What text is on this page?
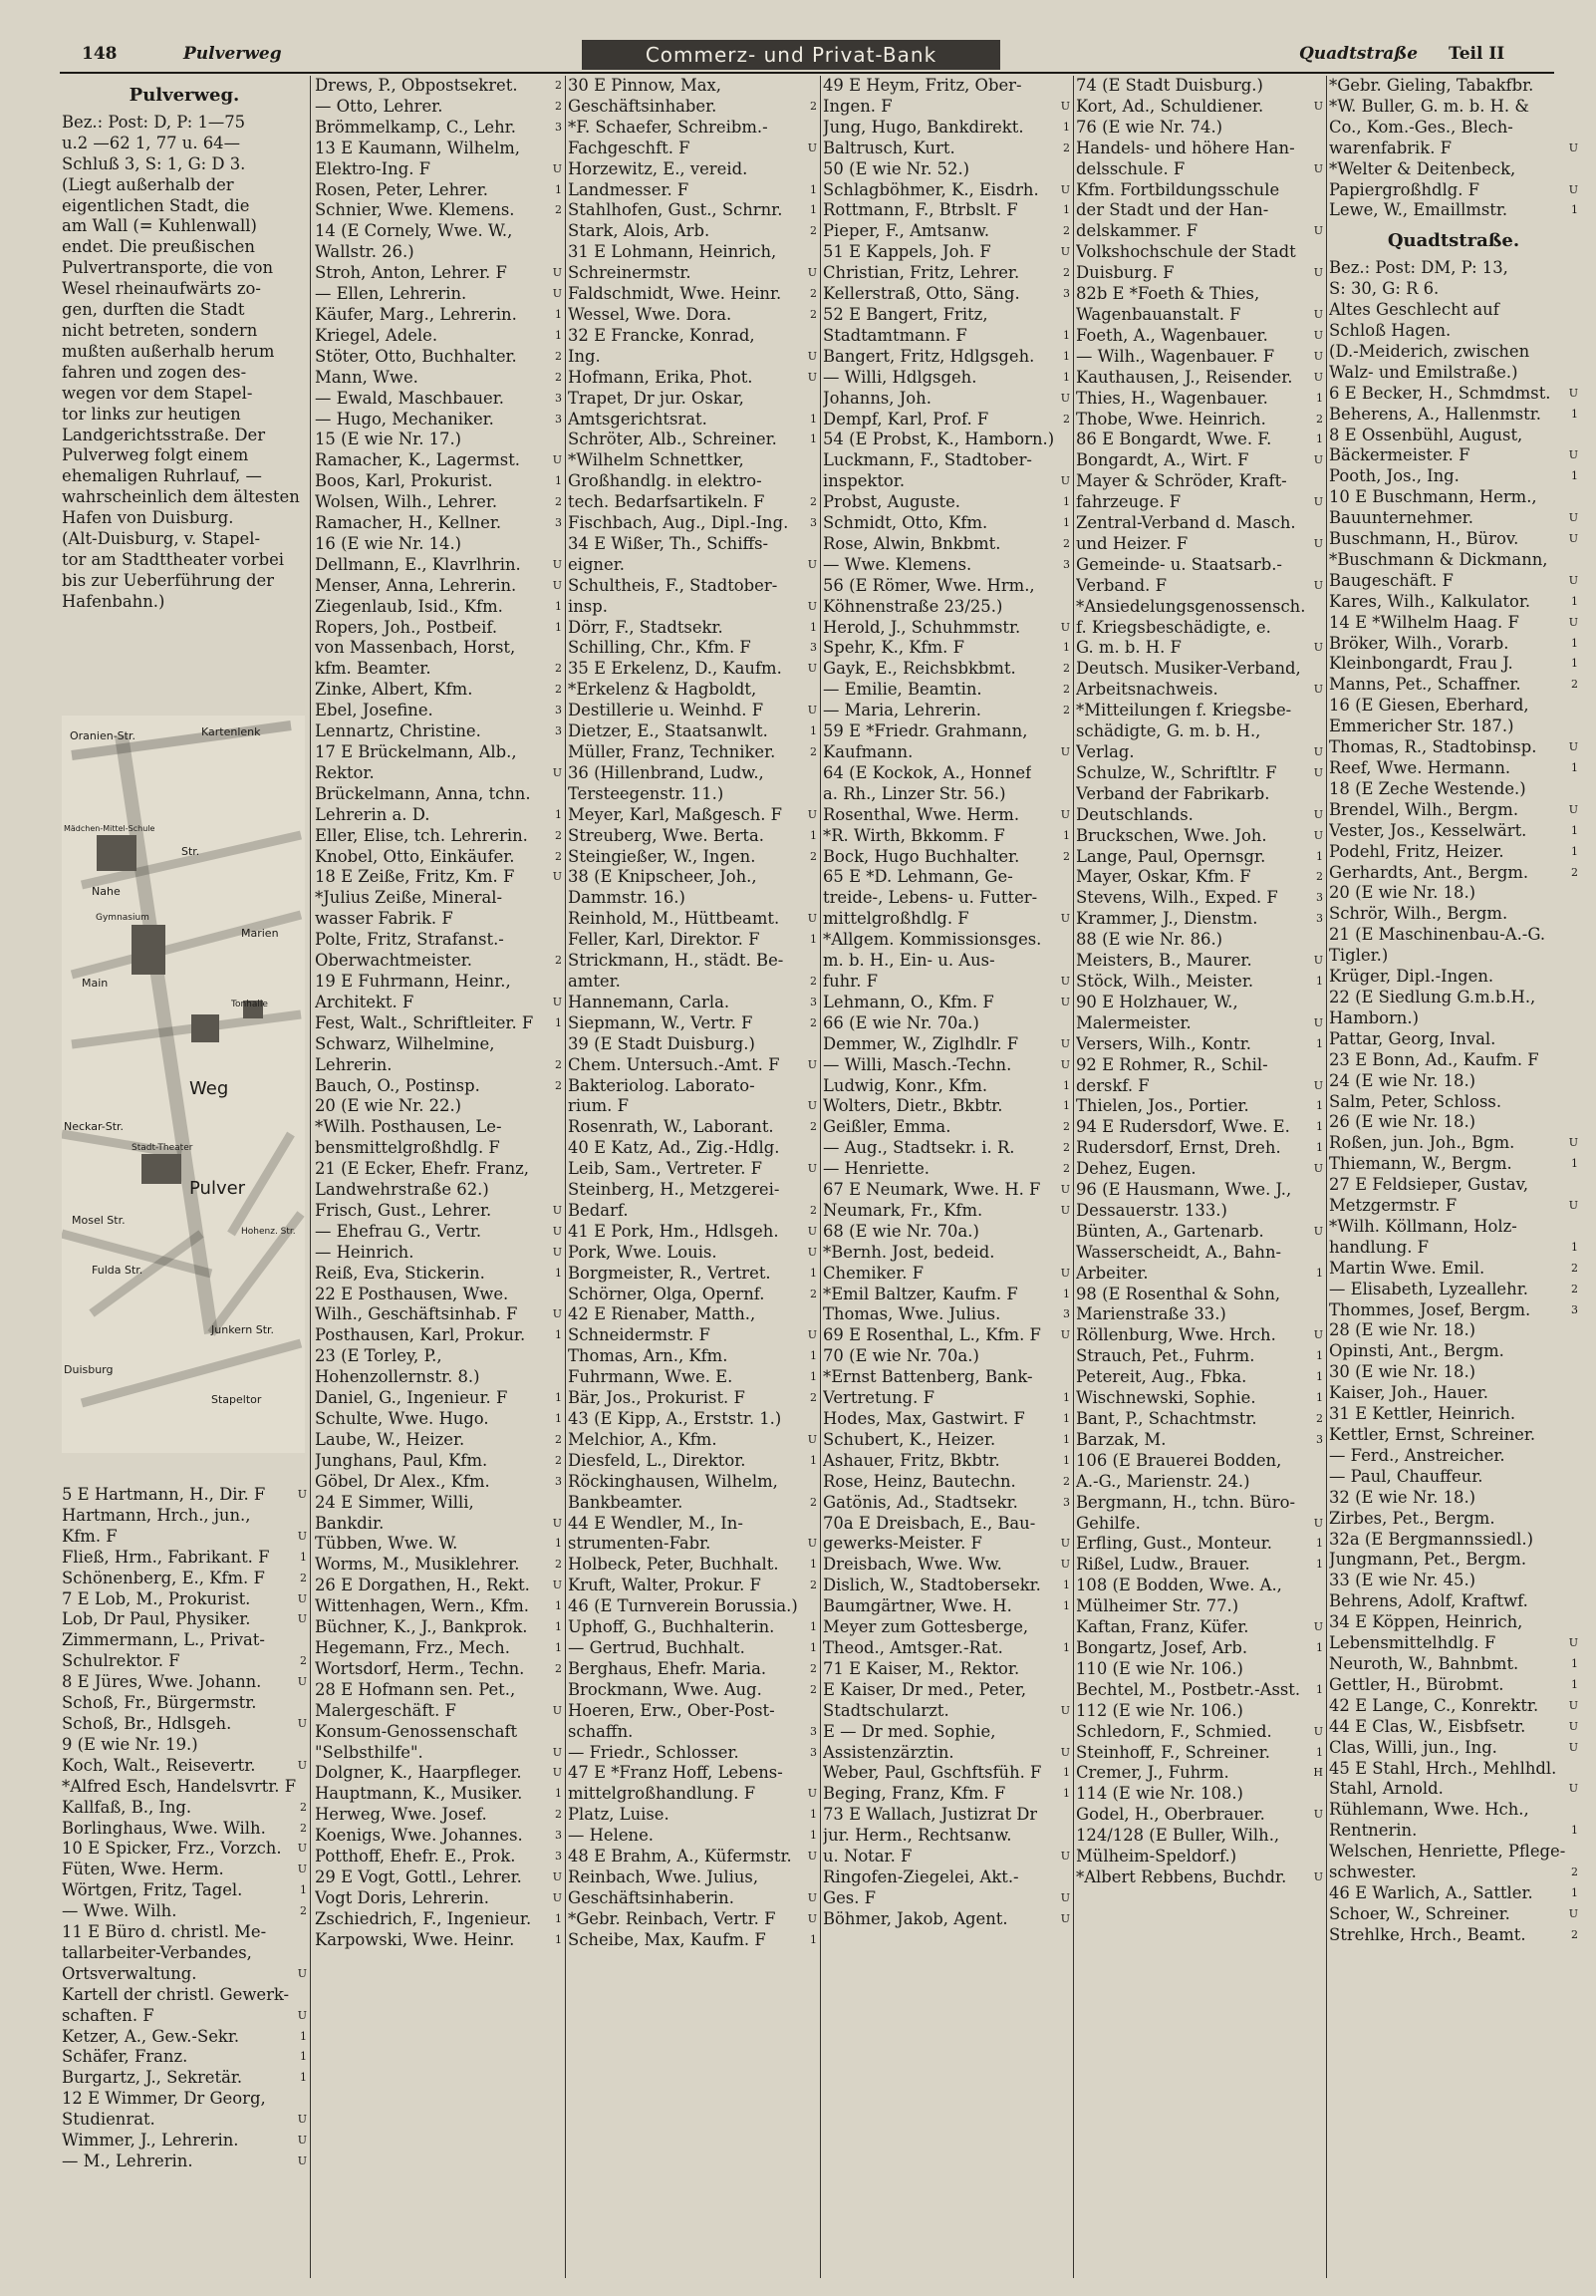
148	Pulverweg	Commerz- und Privat-Bank	Quadtstraße Teil II
Pulverweg.

Bez.: Post: D, P: 1—75

u.2 —62 1, 77 u. 64—

Schluß 3, S: 1, G: D 3.

(Liegt außerhalb der

eigentlichen Stadt, die

am Wall (= Kuhlenwall)

endet. Die preußischen

Pulvertransporte, die von

Wesel rheinaufwärts zo-

gen, durften die Stadt

nicht betreten, sondern

mußten außerhalb herum

fahren und zogen des-

wegen vor dem Stapel-

tor links zur heutigen

Landgerichtsstraße. Der

Pulverweg folgt einem

ehemaligen Ruhrlauf, —

wahrscheinlich dem ältesten

Hafen von Duisburg.

(Alt-Duisburg, v. Stapel-

tor am Stadttheater vorbei

bis zur Ueberführung der

Hafenbahn.)

Oranien-Str.	Kartenlenk
Mädchen-Mittel-Schule
Nahe
Str.
Gymnasium
Marien
Main
Tonhalle
Weg
Neckar-Str.
Stadt-Theater
Pulver
Mosel Str.
Fulda Str.
Duisburg
Stapeltor
Junkern Str.
Hohenz. Str.
5 E Hartmann, H., Dir. F	U
Hartmann, Hrch., jun.,
Kfm. F	U
Fließ, Hrm., Fabrikant. F	1
Schönenberg, E., Kfm. F	2
7 E Lob, M., Prokurist.	U
Lob, Dr Paul, Physiker.	U
Zimmermann, L., Privat-
Schulrektor. F	2
8 E Jüres, Wwe. Johann.	U
Schoß, Fr., Bürgermstr.
Schoß, Br., Hdlsgeh.	U
9 (E wie Nr. 19.)
Koch, Walt., Reisevertr.	U
*Alfred Esch, Handelsvrtr. F
Kallfaß, B., Ing.	2
Borlinghaus, Wwe. Wilh.	2
10 E Spicker, Frz., Vorzch. U
Füten, Wwe. Herm.	U
Wörtgen, Fritz, Tagel.	1
— Wwe. Wilh.	2
11 E Büro d. christl. Me-
tallarbeiter-Verbandes,
Ortsverwaltung.	U
Kartell der christl. Gewerk-
schaften. F	U
Ketzer, A., Gew.-Sekr.	1
Schäfer, Franz.	1
Burgartz, J., Sekretär.	1
12 E Wimmer, Dr Georg,
Studienrat.	U
Wimmer, J., Lehrerin.	U
— M., Lehrerin.	U
Drews, P., Obpostsekret.	2
— Otto, Lehrer.	2
Brömmelkamp, C., Lehr.	3
13 E Kaumann, Wilhelm,
Elektro-Ing. F	U
Rosen, Peter, Lehrer.	1
Schnier, Wwe. Klemens.	2
14 (E Cornely, Wwe. W.,
Wallstr. 26.)
Stroh, Anton, Lehrer. F	U
— Ellen, Lehrerin.	U
Käufer, Marg., Lehrerin.	1
Kriegel, Adele.	1
Stöter, Otto, Buchhalter.	2
Mann, Wwe.	2
— Ewald, Maschbauer.	3
— Hugo, Mechaniker.	3
15 (E wie Nr. 17.)
Ramacher, K., Lagermst.	U
Boos, Karl, Prokurist.	1
Wolsen, Wilh., Lehrer.	2
Ramacher, H., Kellner.	3
16 (E wie Nr. 14.)
Dellmann, E., Klavrlhrin.	U
Menser, Anna, Lehrerin.	U
Ziegenlaub, Isid., Kfm.	1
Ropers, Joh., Postbeif.	1
von Massenbach, Horst,
kfm. Beamter.	2
Zinke, Albert, Kfm.	2
Ebel, Josefine.	3
Lennartz, Christine.	3
17 E Brückelmann, Alb.,
Rektor.	U
Brückelmann, Anna, tchn.
Lehrerin a. D.	1
Eller, Elise, tch. Lehrerin. 2
Knobel, Otto, Einkäufer.	2
18 E Zeiße, Fritz, Km. F	U
*Julius Zeiße, Mineral-
wasser Fabrik. F
Polte, Fritz, Strafanst.-
Oberwachtmeister.	2
19 E Fuhrmann, Heinr.,
Architekt. F	U
Fest, Walt., Schriftleiter. F 1
Schwarz, Wilhelmine,
Lehrerin.	2
Bauch, O., Postinsp.	2
20 (E wie Nr. 22.)
*Wilh. Posthausen, Le-
bensmittelgroßhdlg. F
21 (E Ecker, Ehefr. Franz,
Landwehrstraße 62.)
Frisch, Gust., Lehrer.	U
— Ehefrau G., Vertr.	U
— Heinrich.	U
Reiß, Eva, Stickerin.	1
22 E Posthausen, Wwe.
Wilh., Geschäftsinhab. F	U
Posthausen, Karl, Prokur.	1
23 (E Torley, P.,
Hohenzollernstr. 8.)
Daniel, G., Ingenieur. F	1
Schulte, Wwe. Hugo.	1
Laube, W., Heizer.	2
Junghans, Paul, Kfm.	2
Göbel, Dr Alex., Kfm.	3
24 E Simmer, Willi,
Bankdir.	U
Tübben, Wwe. W.	1
Worms, M., Musiklehrer.	2
26 E Dorgathen, H., Rekt. U
Wittenhagen, Wern., Kfm. 1
Büchner, K., J., Bankprok.	1
Hegemann, Frz., Mech.	1
Wortsdorf, Herm., Techn.	2
28 E Hofmann sen. Pet.,
Malergeschäft. F	U
Konsum-Genossenschaft
"Selbsthilfe".	U
Dolgner, K., Haarpfleger.	U
Hauptmann, K., Musiker.	1
Herweg, Wwe. Josef.	2
Koenigs, Wwe. Johannes.	3
Potthoff, Ehefr. E., Prok.	3
29 E Vogt, Gottl., Lehrer.	U
Vogt Doris, Lehrerin.	U
Zschiedrich, F., Ingenieur. 1
Karpowski, Wwe. Heinr.	1
30 E Pinnow, Max,
Geschäftsinhaber.	2
*F. Schaefer, Schreibm.-
Fachgeschft. F	U
Horzewitz, E., vereid.
Landmesser. F	1
Stahlhofen, Gust., Schrnr.	1
Stark, Alois, Arb.	2
31 E Lohmann, Heinrich,
Schreinermstr.	U
Faldschmidt, Wwe. Heinr.	2
Wessel, Wwe. Dora.	2
32 E Francke, Konrad,
Ing.	U
Hofmann, Erika, Phot.	U
Trapet, Dr jur. Oskar,
Amtsgerichtsrat.	1
Schröter, Alb., Schreiner.	1
*Wilhelm Schnettker,
Großhandlg. in elektro-
tech. Bedarfsartikeln. F	2
Fischbach, Aug., Dipl.-Ing. 3
34 E Wißer, Th., Schiffs-
eigner.	U
Schultheis, F., Stadtober-
insp.	U
Dörr, F., Stadtsekr.	1
Schilling, Chr., Kfm. F	3
35 E Erkelenz, D., Kaufm. U
*Erkelenz & Hagboldt,
Destillerie u. Weinhd. F	U
Dietzer, E., Staatsanwlt.	1
Müller, Franz, Techniker.	2
36 (Hillenbrand, Ludw.,
Tersteegenstr. 11.)
Meyer, Karl, Maßgesch. F U
Streuberg, Wwe. Berta.	1
Steingießer, W., Ingen.	2
38 (E Knipscheer, Joh.,
Dammstr. 16.)
Reinhold, M., Hüttbeamt.	U
Feller, Karl, Direktor. F	1
Strickmann, H., städt. Be-
amter.	2
Hannemann, Carla.	3
Siepmann, W., Vertr. F	2
39 (E Stadt Duisburg.)
Chem. Untersuch.-Amt. F	U
Bakteriolog. Laborato-
rium. F	U
Rosenrath, W., Laborant.	2
40 E Katz, Ad., Zig.-Hdlg.
Leib, Sam., Vertreter. F	U
Steinberg, H., Metzgerei-
Bedarf.	2
41 E Pork, Hm., Hdlsgeh.	U
Pork, Wwe. Louis.	U
Borgmeister, R., Vertret.	1
Schörner, Olga, Opernf.	2
42 E Rienaber, Matth.,
Schneidermstr. F	U
Thomas, Arn., Kfm.	1
Fuhrmann, Wwe. E.	1
Bär, Jos., Prokurist. F	2
43 (E Kipp, A., Erststr. 1.)
Melchior, A., Kfm.	U
Diesfeld, L., Direktor.	1
Röckinghausen, Wilhelm,
Bankbeamter.	2
44 E Wendler, M., In-
strumenten-Fabr.	U
Holbeck, Peter, Buchhalt.	1
Kruft, Walter, Prokur. F	2
46 (E Turnverein Borussia.)
Uphoff, G., Buchhalterin.	1
— Gertrud, Buchhalt.	1
Berghaus, Ehefr. Maria.	2
Brockmann, Wwe. Aug.	2
Hoeren, Erw., Ober-Post-
schaffn.	3
— Friedr., Schlosser.	3
47 E *Franz Hoff, Lebens-
mittelgroßhandlung. F	U
Platz, Luise.	1
— Helene.	1
48 E Brahm, A., Küfermstr. U
Reinbach, Wwe. Julius,
Geschäftsinhaberin.	U
*Gebr. Reinbach, Vertr. F	U
Scheibe, Max, Kaufm. F	1
49 E Heym, Fritz, Ober-
Ingen. F	U
Jung, Hugo, Bankdirekt.	1
Baltrusch, Kurt.	2
50 (E wie Nr. 52.)
Schlagböhmer, K., Eisdrh. U
Rottmann, F., Btrbslt. F	1
Pieper, F., Amtsanw.	2
51 E Kappels, Joh. F	U
Christian, Fritz, Lehrer.	2
Kellerstraß, Otto, Säng.	3
52 E Bangert, Fritz,
Stadtamtmann. F	1
Bangert, Fritz, Hdlgsgeh.	1
— Willi, Hdlgsgeh.	1
Johanns, Joh.	U
Dempf, Karl, Prof. F	2
54 (E Probst, K., Hamborn.)
Luckmann, F., Stadtober-
inspektor.	U
Probst, Auguste.	1
Schmidt, Otto, Kfm.	1
Rose, Alwin, Bnkbmt.	2
— Wwe. Klemens.	3
56 (E Römer, Wwe. Hrm.,
Köhnenstraße 23/25.)
Herold, J., Schuhmmstr.	U
Spehr, K., Kfm. F	1
Gayk, E., Reichsbkbmt.	2
— Emilie, Beamtin.	2
— Maria, Lehrerin.	2
59 E *Friedr. Grahmann,
Kaufmann.	U
64 (E Kockok, A., Honnef
a. Rh., Linzer Str. 56.)
Rosenthal, Wwe. Herm.	U
*R. Wirth, Bkkomm. F	1
Bock, Hugo Buchhalter.	2
65 E *D. Lehmann, Ge-
treide-, Lebens- u. Futter-
mittelgroßhdlg. F	U
*Allgem. Kommissionsges.
m. b. H., Ein- u. Aus-
fuhr. F	U
Lehmann, O., Kfm. F	U
66 (E wie Nr. 70a.)
Demmer, W., Ziglhdlr. F	U
— Willi, Masch.-Techn.	U
Ludwig, Konr., Kfm.	1
Wolters, Dietr., Bkbtr.	1
Geißler, Emma.	2
— Aug., Stadtsekr. i. R.	2
— Henriette.	2
67 E Neumark, Wwe. H. F U
Neumark, Fr., Kfm.	U
68 (E wie Nr. 70a.)
*Bernh. Jost, bedeid.
Chemiker. F	U
*Emil Baltzer, Kaufm. F	1
Thomas, Wwe. Julius.	3
69 E Rosenthal, L., Kfm. F U
70 (E wie Nr. 70a.)
*Ernst Battenberg, Bank-
Vertretung. F	1
Hodes, Max, Gastwirt. F	1
Schubert, K., Heizer.	1
Ashauer, Fritz, Bkbtr.	1
Rose, Heinz, Bautechn.	2
Gatönis, Ad., Stadtsekr.	3
70a E Dreisbach, E., Bau-
gewerks-Meister. F	U
Dreisbach, Wwe. Ww.	U
Dislich, W., Stadtobersekr. 1
Baumgärtner, Wwe. H.	1
Meyer zum Gottesberge,
Theod., Amtsger.-Rat.	1
71 E Kaiser, M., Rektor.
E Kaiser, Dr med., Peter,
Stadtschularzt.	U
E — Dr med. Sophie,
Assistenzärztin.	U
Weber, Paul, Gschftsfüh. F 1
Beging, Franz, Kfm. F	1
73 E Wallach, Justizrat Dr
jur. Herm., Rechtsanw.
u. Notar. F	U
Ringofen-Ziegelei, Akt.-
Ges. F	U
Böhmer, Jakob, Agent.	U
74 (E Stadt Duisburg.)
Kort, Ad., Schuldiener.	U
76 (E wie Nr. 74.)
Handels- und höhere Han-
delsschule. F	U
Kfm. Fortbildungsschule
der Stadt und der Han-
delskammer. F	U
Volkshochschule der Stadt
Duisburg. F	U
82b E *Foeth & Thies,
Wagenbauanstalt. F	U
Foeth, A., Wagenbauer.	U
— Wilh., Wagenbauer. F	U
Kauthausen, J., Reisender. U
Thies, H., Wagenbauer.	1
Thobe, Wwe. Heinrich.	2
86 E Bongardt, Wwe. F.	1
Bongardt, A., Wirt. F	U
Mayer & Schröder, Kraft-
fahrzeuge. F	U
Zentral-Verband d. Masch.
und Heizer. F	U
Gemeinde- u. Staatsarb.-
Verband. F	U
*Ansiedelungsgenossensch.
f. Kriegsbeschädigte, e.
G. m. b. H. F	U
Deutsch. Musiker-Verband,
Arbeitsnachweis.	U
*Mitteilungen f. Kriegsbe-
schädigte, G. m. b. H.,
Verlag.	U
Schulze, W., Schriftltr. F	U
Verband der Fabrikarb.
Deutschlands.	U
Bruckschen, Wwe. Joh.	U
Lange, Paul, Opernsgr.	1
Mayer, Oskar, Kfm. F	2
Stevens, Wilh., Exped. F	3
Krammer, J., Dienstm.	3
88 (E wie Nr. 86.)
Meisters, B., Maurer.	U
Stöck, Wilh., Meister.	1
90 E Holzhauer, W.,
Malermeister.	U
Versers, Wilh., Kontr.	1
92 E Rohmer, R., Schil-
derskf. F	U
Thielen, Jos., Portier.	1
94 E Rudersdorf, Wwe. E. 1
Rudersdorf, Ernst, Dreh.	1
Dehez, Eugen.	U
96 (E Hausmann, Wwe. J.,
Dessauerstr. 133.)
Bünten, A., Gartenarb.	U
Wasserscheidt, A., Bahn-
Arbeiter.	1
98 (E Rosenthal & Sohn,
Marienstraße 33.)
Röllenburg, Wwe. Hrch.	U
Strauch, Pet., Fuhrm.	1
Petereit, Aug., Fbka.	1
Wischnewski, Sophie.	1
Bant, P., Schachtmstr.	2
Barzak, M.	3
106 (E Brauerei Bodden,
A.-G., Marienstr. 24.)
Bergmann, H., tchn. Büro-
Gehilfe.	U
Erfling, Gust., Monteur.	1
Rißel, Ludw., Brauer.	1
108 (E Bodden, Wwe. A.,
Mülheimer Str. 77.)
Kaftan, Franz, Küfer.	U
Bongartz, Josef, Arb.	1
110 (E wie Nr. 106.)
Bechtel, M., Postbetr.-Asst. 1
112 (E wie Nr. 106.)
Schledorn, F., Schmied.	U
Steinhoff, F., Schreiner.	1
Cremer, J., Fuhrm.	H
114 (E wie Nr. 108.)
Godel, H., Oberbrauer.	U
124/128 (E Buller, Wilh.,
Mülheim-Speldorf.)
*Albert Rebbens, Buchdr. U
*Gebr. Gieling, Tabakfbr.
*W. Buller, G. m. b. H. &
Co., Kom.-Ges., Blech-
warenfabrik. F	U
*Welter & Deitenbeck,
Papiergroßhdlg. F	U
Lewe, W., Emaillmstr.	1
Quadtstraße.

Bez.: Post: DM, P: 13,

S: 30, G: R 6.

Altes Geschlecht auf

Schloß Hagen.

(D.-Meiderich, zwischen

Walz- und Emilstraße.)

6 E Becker, H., Schmdmst. U
Beherens, A., Hallenmstr.	1
8 E Ossenbühl, August,
Bäckermeister. F	U
Pooth, Jos., Ing.	1
10 E Buschmann, Herm.,
Bauunternehmer.	U
Buschmann, H., Bürov.	U
*Buschmann & Dickmann,
Baugeschäft. F	U
Kares, Wilh., Kalkulator.	1
14 E *Wilhelm Haag. F	U
Bröker, Wilh., Vorarb.	1
Kleinbongardt, Frau J.	1
Manns, Pet., Schaffner.	2
16 (E Giesen, Eberhard,
Emmericher Str. 187.)
Thomas, R., Stadtobinsp.	U
Reef, Wwe. Hermann.	1
18 (E Zeche Westende.)
Brendel, Wilh., Bergm.	U
Vester, Jos., Kesselwärt.	1
Podehl, Fritz, Heizer.	1
Gerhardts, Ant., Bergm.	2
20 (E wie Nr. 18.)
Schrör, Wilh., Bergm.
21 (E Maschinenbau-A.-G.
Tigler.)
Krüger, Dipl.-Ingen.
22 (E Siedlung G.m.b.H.,
Hamborn.)
Pattar, Georg, Inval.
23 E Bonn, Ad., Kaufm. F
24 (E wie Nr. 18.)
Salm, Peter, Schloss.
26 (E wie Nr. 18.)
Roßen, jun. Joh., Bgm.	U
Thiemann, W., Bergm.	1
27 E Feldsieper, Gustav,
Metzgermstr. F	U
*Wilh. Köllmann, Holz-
handlung. F	1
Martin Wwe. Emil.	2
— Elisabeth, Lyzeallehr.	2
Thommes, Josef, Bergm.	3
28 (E wie Nr. 18.)
Opinsti, Ant., Bergm.
30 (E wie Nr. 18.)
Kaiser, Joh., Hauer.
31 E Kettler, Heinrich.
Kettler, Ernst, Schreiner.
— Ferd., Anstreicher.
— Paul, Chauffeur.
32 (E wie Nr. 18.)
Zirbes, Pet., Bergm.
32a (E Bergmannssiedl.)
Jungmann, Pet., Bergm.
33 (E wie Nr. 45.)
Behrens, Adolf, Kraftwf.
34 E Köppen, Heinrich,
Lebensmittelhdlg. F	U
Neuroth, W., Bahnbmt.	1
Gettler, H., Bürobmt.	1
42 E Lange, C., Konrektr.	U
44 E Clas, W., Eisbfsetr.	U
Clas, Willi, jun., Ing.	U
45 E Stahl, Hrch., Mehlhdl.
Stahl, Arnold.	U
Rühlemann, Wwe. Hch.,
Rentnerin.	1
Welschen, Henriette, Pflege-
schwester.	2
46 E Warlich, A., Sattler.	1
Schoer, W., Schreiner.	U
Strehlke, Hrch., Beamt.	2
